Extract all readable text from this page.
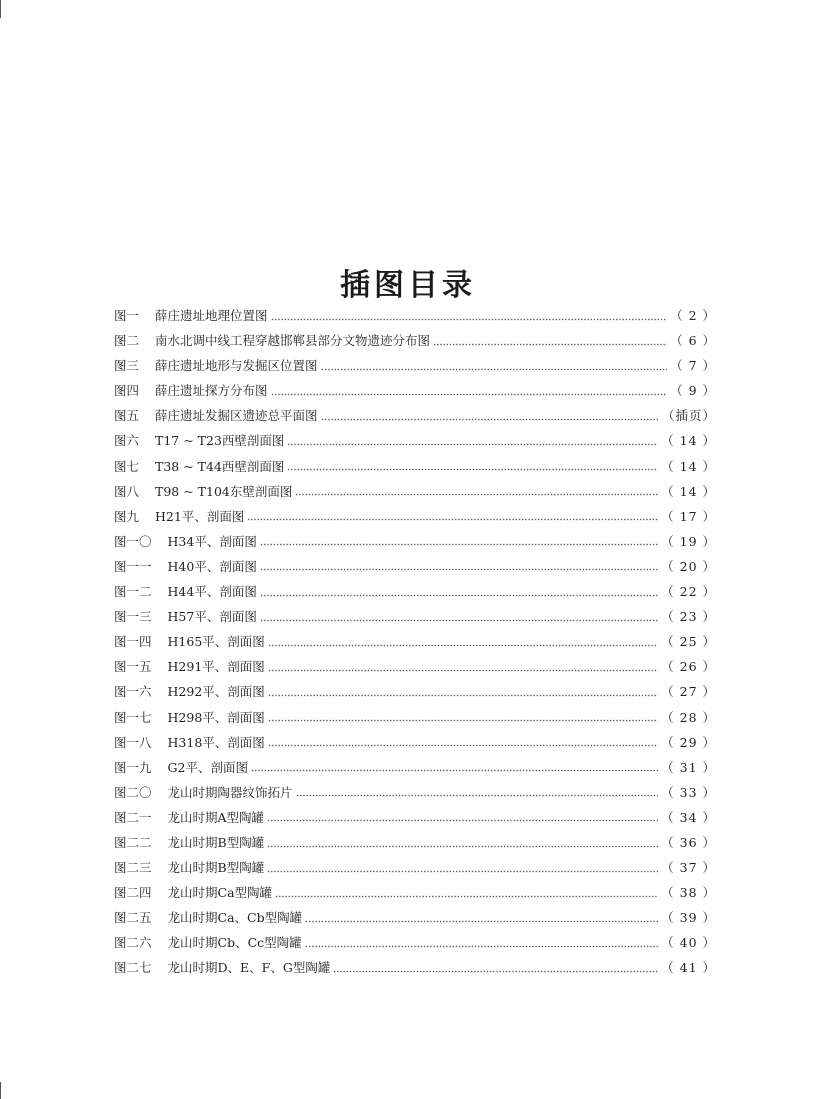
插图目录
图一 薛庄遗址地理位置图	（ 2 ）
图二 南水北调中线工程穿越邯郸县部分文物遗迹分布图	（ 6 ）
图三 薛庄遗址地形与发掘区位置图	（ 7 ）
图四 薛庄遗址探方分布图	（ 9 ）
图五 薛庄遗址发掘区遗迹总平面图	（插页）
图六 T17 ~ T23西壁剖面图	（ 14 ）
图七 T38 ~ T44西壁剖面图	（ 14 ）
图八 T98 ~ T104东壁剖面图	（ 14 ）
图九 H21平、剖面图	（ 17 ）
图一〇 H34平、剖面图	（ 19 ）
图一一 H40平、剖面图	（ 20 ）
图一二 H44平、剖面图	（ 22 ）
图一三 H57平、剖面图	（ 23 ）
图一四 H165平、剖面图	（ 25 ）
图一五 H291平、剖面图	（ 26 ）
图一六 H292平、剖面图	（ 27 ）
图一七 H298平、剖面图	（ 28 ）
图一八 H318平、剖面图	（ 29 ）
图一九 G2平、剖面图	（ 31 ）
图二〇 龙山时期陶器纹饰拓片	（ 33 ）
图二一 龙山时期A型陶罐	（ 34 ）
图二二 龙山时期B型陶罐	（ 36 ）
图二三 龙山时期B型陶罐	（ 37 ）
图二四 龙山时期Ca型陶罐	（ 38 ）
图二五 龙山时期Ca、Cb型陶罐	（ 39 ）
图二六 龙山时期Cb、Cc型陶罐	（ 40 ）
图二七 龙山时期D、E、F、G型陶罐	（ 41 ）
